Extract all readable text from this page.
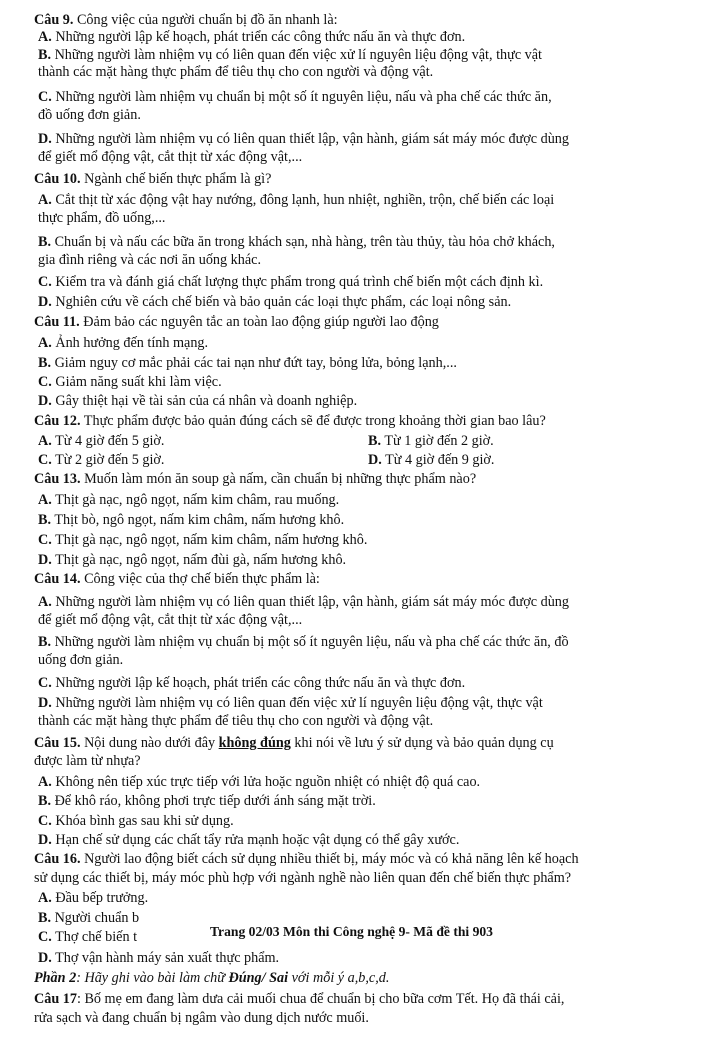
Câu 9. Công việc của người chuẩn bị đồ ăn nhanh là:
A. Những người lập kế hoạch, phát triển các công thức nấu ăn và thực đơn.
B. Những người làm nhiệm vụ có liên quan đến việc xử lí nguyên liệu động vật, thực vật
thành các mặt hàng thực phẩm để tiêu thụ cho con người và động vật.
C. Những người làm nhiệm vụ chuẩn bị một số ít nguyên liệu, nấu và pha chế các thức ăn,
đồ uống đơn giản.
D. Những người làm nhiệm vụ có liên quan thiết lập, vận hành, giám sát máy móc được dùng
để giết mổ động vật, cắt thịt từ xác động vật,...
Câu 10. Ngành chế biến thực phẩm là gì?
A. Cắt thịt từ xác động vật hay nướng, đông lạnh, hun nhiệt, nghiền, trộn, chế biến các loại
thực phẩm, đồ uống,...
B. Chuẩn bị và nấu các bữa ăn trong khách sạn, nhà hàng, trên tàu thủy, tàu hỏa chở khách,
gia đình riêng và các nơi ăn uống khác.
C. Kiểm tra và đánh giá chất lượng thực phẩm trong quá trình chế biến một cách định kì.
D. Nghiên cứu về cách chế biến và bảo quản các loại thực phẩm, các loại nông sản.
Câu 11. Đảm bảo các nguyên tắc an toàn lao động giúp người lao động
A. Ảnh hưởng đến tính mạng.
B. Giảm nguy cơ mắc phải các tai nạn như đứt tay, bỏng lửa, bỏng lạnh,...
C. Giảm năng suất khi làm việc.
D. Gây thiệt hại về tài sản của cá nhân và doanh nghiệp.
Câu 12. Thực phẩm được bảo quản đúng cách sẽ để được trong khoảng thời gian bao lâu?
A. Từ 4 giờ đến 5 giờ.	B. Từ 1 giờ đến 2 giờ.
C. Từ 2 giờ đến 5 giờ.	D. Từ 4 giờ đến 9 giờ.
Câu 13. Muốn làm món ăn soup gà nấm, cần chuẩn bị những thực phẩm nào?
A. Thịt gà nạc, ngô ngọt, nấm kim châm, rau muống.
B. Thịt bò, ngô ngọt, nấm kim châm, nấm hương khô.
C. Thịt gà nạc, ngô ngọt, nấm kim châm, nấm hương khô.
D. Thịt gà nạc, ngô ngọt, nấm đùi gà, nấm hương khô.
Câu 14. Công việc của thợ chế biến thực phẩm là:
A. Những người làm nhiệm vụ có liên quan thiết lập, vận hành, giám sát máy móc được dùng
để giết mổ động vật, cắt thịt từ xác động vật,...
B. Những người làm nhiệm vụ chuẩn bị một số ít nguyên liệu, nấu và pha chế các thức ăn, đồ
uống đơn giản.
C. Những người lập kế hoạch, phát triển các công thức nấu ăn và thực đơn.
D. Những người làm nhiệm vụ có liên quan đến việc xử lí nguyên liệu động vật, thực vật
thành các mặt hàng thực phẩm để tiêu thụ cho con người và động vật.
Câu 15. Nội dung nào dưới đây không đúng khi nói về lưu ý sử dụng và bảo quản dụng cụ
được làm từ nhựa?
A. Không nên tiếp xúc trực tiếp với lửa hoặc nguồn nhiệt có nhiệt độ quá cao.
B. Để khô ráo, không phơi trực tiếp dưới ánh sáng mặt trời.
C. Khóa bình gas sau khi sử dụng.
D. Hạn chế sử dụng các chất tẩy rửa mạnh hoặc vật dụng có thể gây xước.
Câu 16. Người lao động biết cách sử dụng nhiều thiết bị, máy móc và có khả năng lên kế hoạch
sử dụng các thiết bị, máy móc phù hợp với ngành nghề nào liên quan đến chế biến thực phẩm?
A. Đầu bếp trưởng.
B. Người chuẩn b
C. Thợ chế biến t
D. Thợ vận hành máy sản xuất thực phẩm.
Trang 02/03 Môn thi Công nghệ 9- Mã đề thi 903
Phần 2: Hãy ghi vào bài làm chữ Đúng/ Sai với mỗi ý a,b,c,d.
Câu 17: Bố mẹ em đang làm dưa cải muối chua để chuẩn bị cho bữa cơm Tết. Họ đã thái cải,
rửa sạch và đang chuẩn bị ngâm vào dung dịch nước muối.
